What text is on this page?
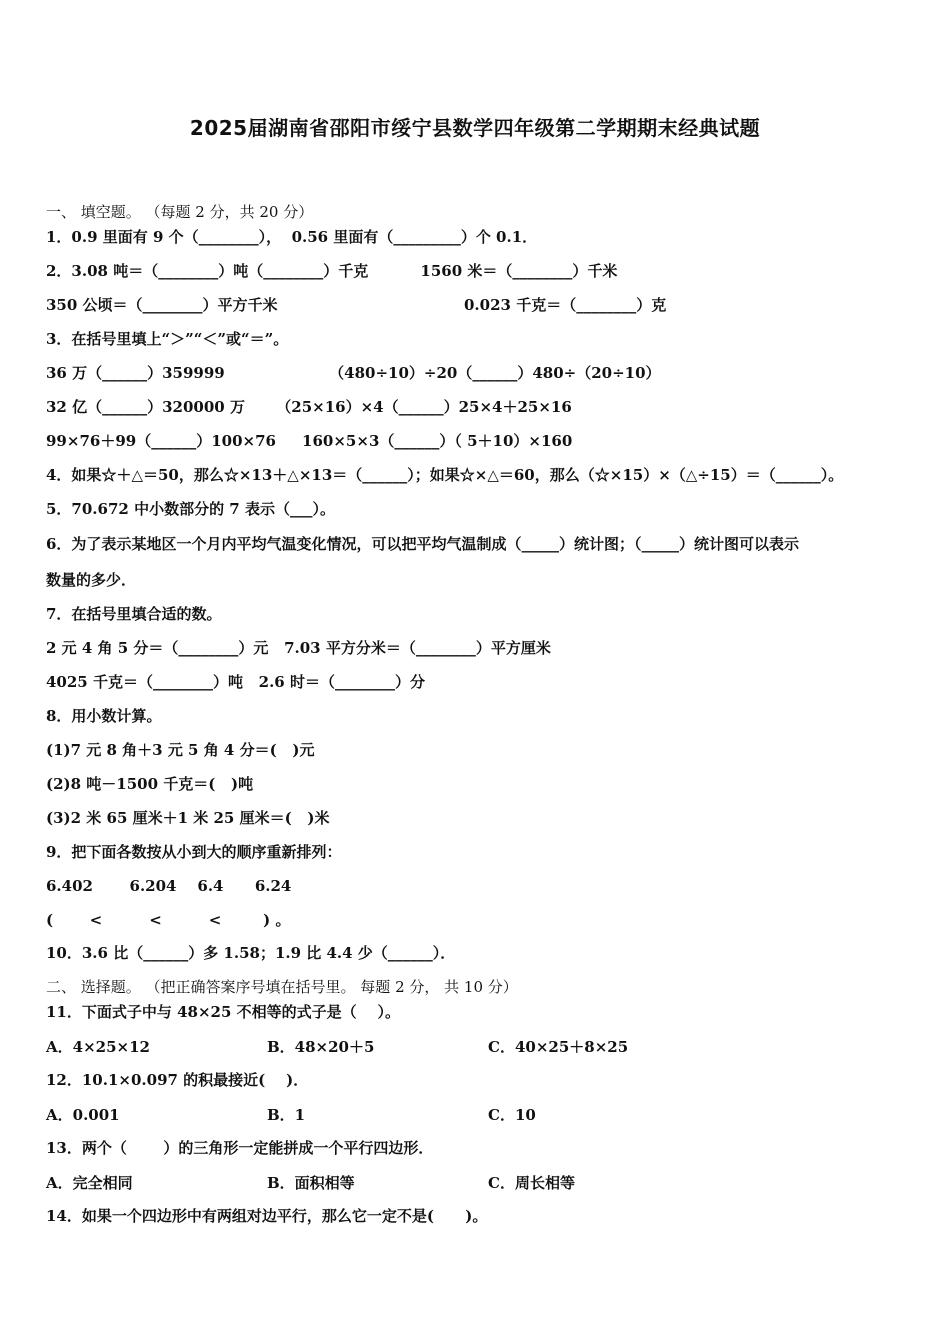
2025届湖南省邵阳市绥宁县数学四年级第二学期期末经典试题
一、 填空题。 （每题 2 分，共 20 分）
1．0.9 里面有 9 个（________），  0.56 里面有（_________）个 0.1．
2．3.08 吨＝（________）吨（________）千克          1560 米＝（________）千米
350 公顷＝（________）平方千米	0.023 千克＝（________）克
3．在括号里填上“＞”“＜”或“＝”。
36 万（______）359999                    （480÷10）÷20（______）480÷（20÷10）
32 亿（______）320000 万      （25×16）×4（______）25×4＋25×16
99×76＋99（______）100×76     160×5×3（______）（ 5＋10）×160
4．如果☆＋△＝50，那么☆×13＋△×13＝（______）；如果☆×△＝60，那么（☆×15）×（△÷15）＝（______）。
5．70.672 中小数部分的 7 表示（___）。
6．为了表示某地区一个月内平均气温变化情况，可以把平均气温制成（_____）统计图；（_____）统计图可以表示
数量的多少．
7．在括号里填合适的数。
2 元 4 角 5 分＝（________）元   7.03 平方分米＝（________）平方厘米
4025 千克＝（________）吨   2.6 时＝（________）分
8．用小数计算。
(1)7 元 8 角＋3 元 5 角 4 分＝(   )元
(2)8 吨－1500 千克＝(   )吨
(3)2 米 65 厘米＋1 米 25 厘米＝(   )米
9．把下面各数按从小到大的顺序重新排列：
6.402       6.204    6.4      6.24
(       <         <         <        ) 。
10．3.6 比（______）多 1.58；1.9 比 4.4 少（______）．
二、 选择题。 （把正确答案序号填在括号里。 每题 2 分， 共 10 分）
11．下面式子中与 48×25 不相等的式子是（    ）。
A．4×25×12	B．48×20＋5	C．40×25＋8×25
12．10.1×0.097 的积最接近(    )．
A．0.001	B．1	C．10
13．两个（       ）的三角形一定能拼成一个平行四边形．
A．完全相同	B．面积相等	C．周长相等
14．如果一个四边形中有两组对边平行，那么它一定不是(      )。
